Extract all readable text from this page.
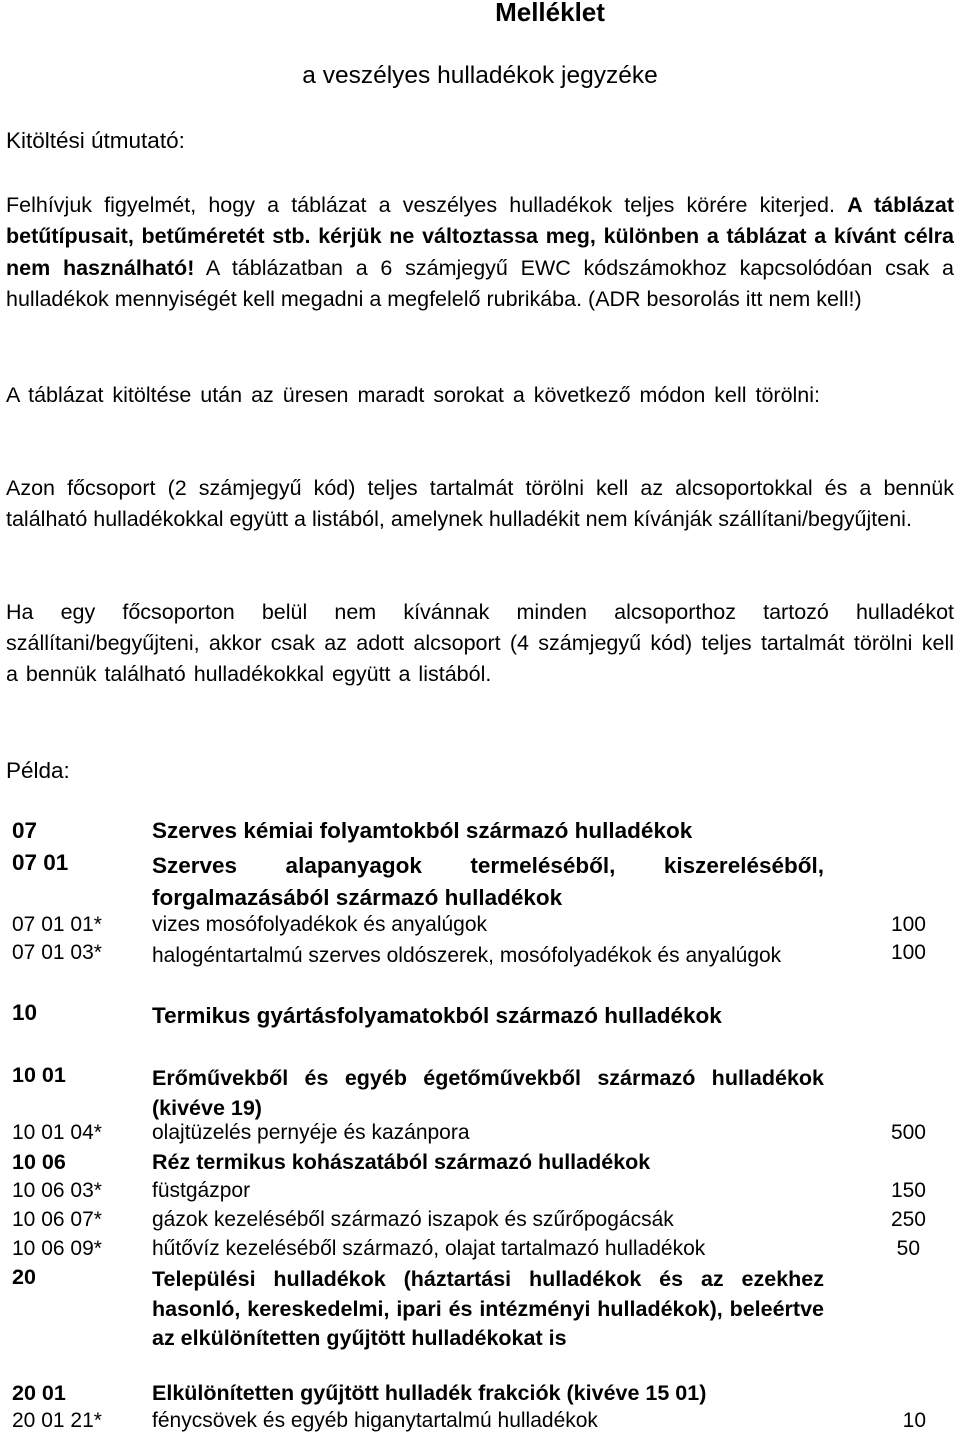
Melléklet
a veszélyes hulladékok jegyzéke
Kitöltési útmutató:
Felhívjuk figyelmét, hogy a táblázat a veszélyes hulladékok teljes körére kiterjed. A táblázat betűtípusait, betűméretét stb. kérjük ne változtassa meg, különben a táblázat a kívánt célra nem használható! A táblázatban a 6 számjegyű EWC kódszámokhoz kapcsolódóan csak a hulladékok mennyiségét kell megadni a megfelelő rubrikába. (ADR besorolás itt nem kell!)
A táblázat kitöltése után az üresen maradt sorokat a következő módon kell törölni:
Azon főcsoport (2 számjegyű kód) teljes tartalmát törölni kell az alcsoportokkal és a bennük található hulladékokkal együtt a listából, amelynek hulladékit nem kívánják szállítani/begyűjteni.
Ha egy főcsoporton belül nem kívánnak minden alcsoporthoz tartozó hulladékot szállítani/begyűjteni, akkor csak az adott alcsoport (4 számjegyű kód) teljes tartalmát törölni kell a bennük található hulladékokkal együtt a listából.
Példa:
07	Szerves kémiai folyamtokból származó hulladékok
07 01	Szerves alapanyagok termeléséből, kiszereléséből, forgalmazásából származó hulladékok
07 01 01* vizes mosófolyadékok és anyalúgok	100
07 01 03* halogéntartalmú szerves oldószerek, mosófolyadékok és anyalúgok	100
10	Termikus gyártásfolyamatokból származó hulladékok
10 01	Erőművekből és egyéb égetőművekből származó hulladékok (kivéve 19)
10 01 04* olajtüzelés pernyéje és kazánpora	500
10 06	Réz termikus kohászatából származó hulladékok
10 06 03* füstgázpor	150
10 06 07* gázok kezeléséből származó iszapok és szűrőpogácsák	250
10 06 09* hűtővíz kezeléséből származó, olajat tartalmazó hulladékok	50
20	Települési hulladékok (háztartási hulladékok és az ezekhez hasonló, kereskedelmi, ipari és intézményi hulladékok), beleértve az elkülönítetten gyűjtött hulladékokat is
20 01	Elkülönítetten gyűjtött hulladék frakciók (kivéve 15 01)
20 01 21* fénycsövek és egyéb higanytartalmú hulladékok	10
